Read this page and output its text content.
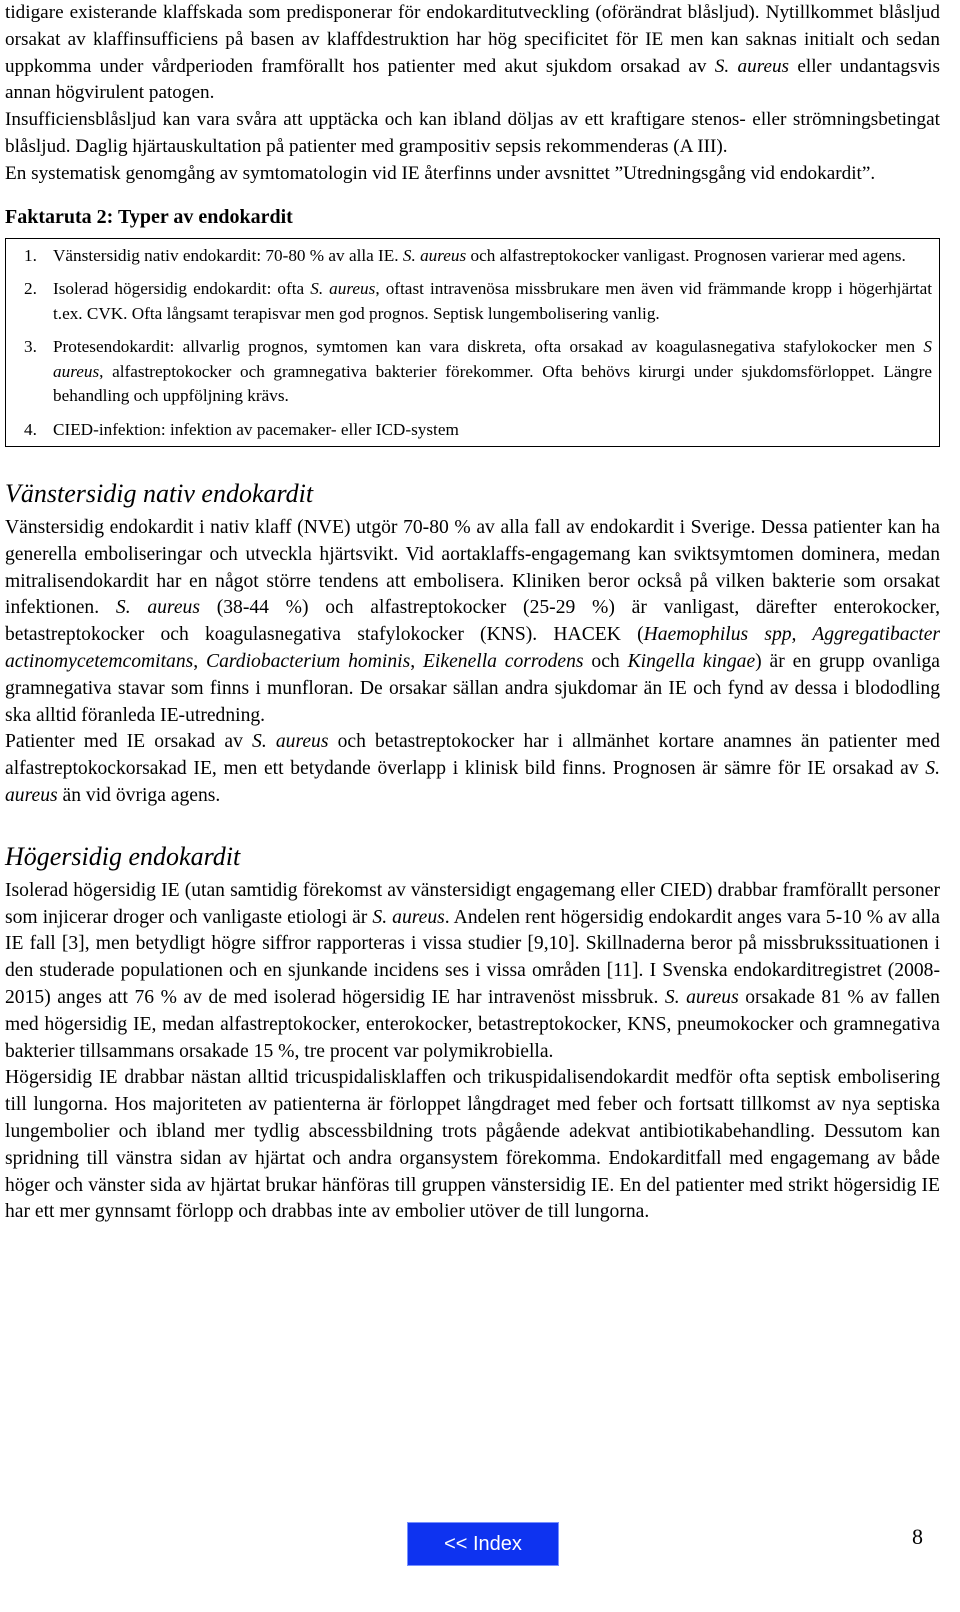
tidigare existerande klaffskada som predisponerar för endokarditutveckling (oförändrat blåsljud). Nytillkommet blåsljud orsakat av klaffinsufficiens på basen av klaffdestruktion har hög specificitet för IE men kan saknas initialt och sedan uppkomma under vårdperioden framförallt hos patienter med akut sjukdom orsakad av S. aureus eller undantagsvis annan högvirulent patogen.

Insufficiensblåsljud kan vara svåra att upptäcka och kan ibland döljas av ett kraftigare stenos- eller strömningsbetingat blåsljud. Daglig hjärtauskultation på patienter med grampositiv sepsis rekommenderas (A III).

En systematisk genomgång av symtomatologin vid IE återfinns under avsnittet ”Utredningsgång vid endokardit”.

Faktaruta 2: Typer av endokardit
1. Vänstersidig nativ endokardit: 70-80 % av alla IE. S. aureus och alfastreptokocker vanligast. Prognosen varierar med agens.
2. Isolerad högersidig endokardit: ofta S. aureus, oftast intravenösa missbrukare men även vid främmande kropp i högerhjärtat t.ex. CVK. Ofta långsamt terapisvar men god prognos. Septisk lungembolisering vanlig.
3. Protesendokardit: allvarlig prognos, symtomen kan vara diskreta, ofta orsakad av koagulasnegativa stafylokocker men S aureus, alfastreptokocker och gramnegativa bakterier förekommer. Ofta behövs kirurgi under sjukdomsförloppet. Längre behandling och uppföljning krävs.
4. CIED-infektion: infektion av pacemaker- eller ICD-system
Vänstersidig nativ endokardit

Vänstersidig endokardit i nativ klaff (NVE) utgör 70-80 % av alla fall av endokardit i Sverige. Dessa patienter kan ha generella emboliseringar och utveckla hjärtsvikt. Vid aortaklaffs-engagemang kan sviktsymtomen dominera, medan mitralisendokardit har en något större tendens att embolisera. Kliniken beror också på vilken bakterie som orsakat infektionen. S. aureus (38-44 %) och alfastreptokocker (25-29 %) är vanligast, därefter enterokocker, betastreptokocker och koagulasnegativa stafylokocker (KNS). HACEK (Haemophilus spp, Aggregatibacter actinomycetemcomitans, Cardiobacterium hominis, Eikenella corrodens och Kingella kingae) är en grupp ovanliga gramnegativa stavar som finns i munfloran. De orsakar sällan andra sjukdomar än IE och fynd av dessa i blododling ska alltid föranleda IE-utredning.

Patienter med IE orsakad av S. aureus och betastreptokocker har i allmänhet kortare anamnes än patienter med alfastreptokockorsakad IE, men ett betydande överlapp i klinisk bild finns. Prognosen är sämre för IE orsakad av S. aureus än vid övriga agens.

Högersidig endokardit

Isolerad högersidig IE (utan samtidig förekomst av vänstersidigt engagemang eller CIED) drabbar framförallt personer som injicerar droger och vanligaste etiologi är S. aureus. Andelen rent högersidig endokardit anges vara 5-10 % av alla IE fall [3], men betydligt högre siffror rapporteras i vissa studier [9,10]. Skillnaderna beror på missbrukssituationen i den studerade populationen och en sjunkande incidens ses i vissa områden [11]. I Svenska endokarditregistret (2008-2015) anges att 76 % av de med isolerad högersidig IE har intravenöst missbruk. S. aureus orsakade 81 % av fallen med högersidig IE, medan alfastreptokocker, enterokocker, betastreptokocker, KNS, pneumokocker och gramnegativa bakterier tillsammans orsakade 15 %, tre procent var polymikrobiella.

Högersidig IE drabbar nästan alltid tricuspidalisklaffen och trikuspidalisendokardit medför ofta septisk embolisering till lungorna. Hos majoriteten av patienterna är förloppet långdraget med feber och fortsatt tillkomst av nya septiska lungembolier och ibland mer tydlig abscessbildning trots pågående adekvat antibiotikabehandling. Dessutom kan spridning till vänstra sidan av hjärtat och andra organsystem förekomma. Endokarditfall med engagemang av både höger och vänster sida av hjärtat brukar hänföras till gruppen vänstersidig IE. En del patienter med strikt högersidig IE har ett mer gynnsamt förlopp och drabbas inte av embolier utöver de till lungorna.

<< Index	8
